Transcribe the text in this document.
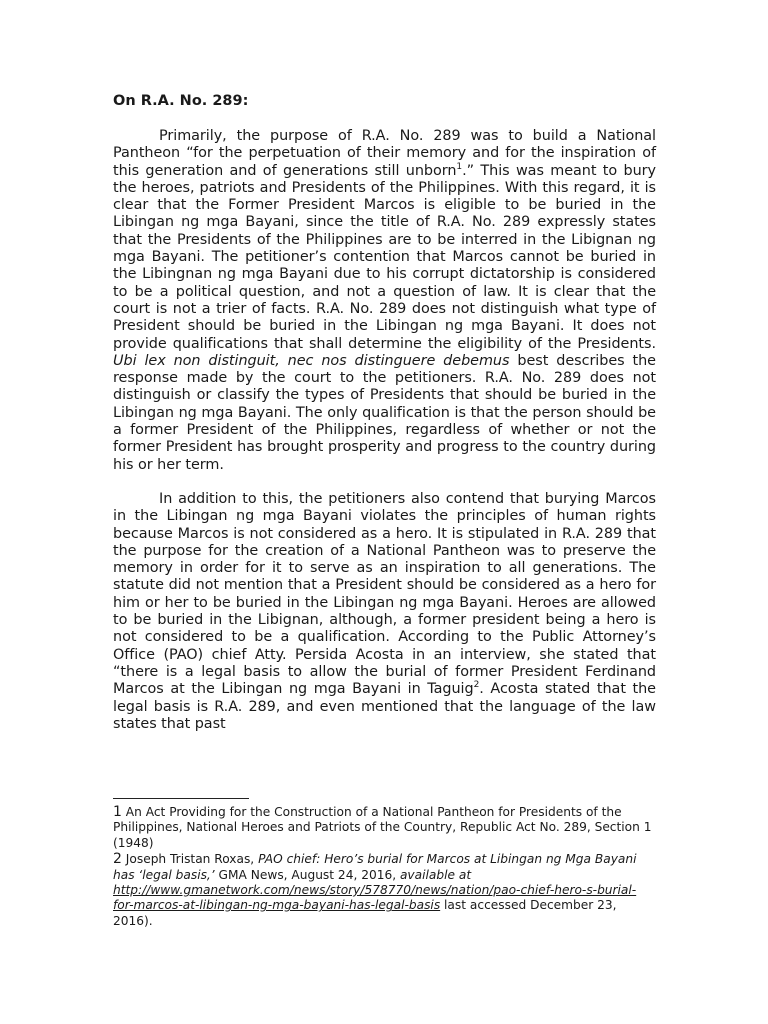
On R.A. No. 289:

Primarily, the purpose of R.A. No. 289 was to build a National Pantheon “for the perpetuation of their memory and for the inspiration of this generation and of generations still unborn$^1$.” This was meant to bury the heroes, patriots and Presidents of the Philippines. With this regard, it is clear that the Former President Marcos is eligible to be buried in the Libingan ng mga Bayani, since the title of R.A. No. 289 expressly states that the Presidents of the Philippines are to be interred in the Libignan ng mga Bayani. The petitioner’s contention that Marcos cannot be buried in the Libingnan ng mga Bayani due to his corrupt dictatorship is considered to be a political question, and not a question of law. It is clear that the court is not a trier of facts. R.A. No. 289 does not distinguish what type of President should be buried in the Libingan ng mga Bayani. It does not provide qualifications that shall determine the eligibility of the Presidents. Ubi lex non distinguit, nec nos distinguere debemus best describes the response made by the court to the petitioners. R.A. No. 289 does not distinguish or classify the types of Presidents that should be buried in the Libingan ng mga Bayani. The only qualification is that the person should be a former President of the Philippines, regardless of whether or not the former President has brought prosperity and progress to the country during his or her term.

In addition to this, the petitioners also contend that burying Marcos in the Libingan ng mga Bayani violates the principles of human rights because Marcos is not considered as a hero. It is stipulated in R.A. 289 that the purpose for the creation of a National Pantheon was to preserve the memory in order for it to serve as an inspiration to all generations. The statute did not mention that a President should be considered as a hero for him or her to be buried in the Libingan ng mga Bayani. Heroes are allowed to be buried in the Libignan, although, a former president being a hero is not considered to be a qualification. According to the Public Attorney’s Office (PAO) chief Atty. Persida Acosta in an interview, she stated that “there is a legal basis to allow the burial of former President Ferdinand Marcos at the Libingan ng mga Bayani in Taguig$^2$. Acosta stated that the legal basis is R.A. 289, and even mentioned that the language of the law states that past

1 An Act Providing for the Construction of a National Pantheon for Presidents of the Philippines, National Heroes and Patriots of the Country, Republic Act No. 289, Section 1 (1948)
2 Joseph Tristan Roxas, PAO chief: Hero’s burial for Marcos at Libingan ng Mga Bayani has ‘legal basis,’ GMA News, August 24, 2016, available at http://www.gmanetwork.com/news/story/578770/news/nation/pao-chief-hero-s-burial-for-marcos-at-libingan-ng-mga-bayani-has-legal-basis last accessed December 23, 2016).
